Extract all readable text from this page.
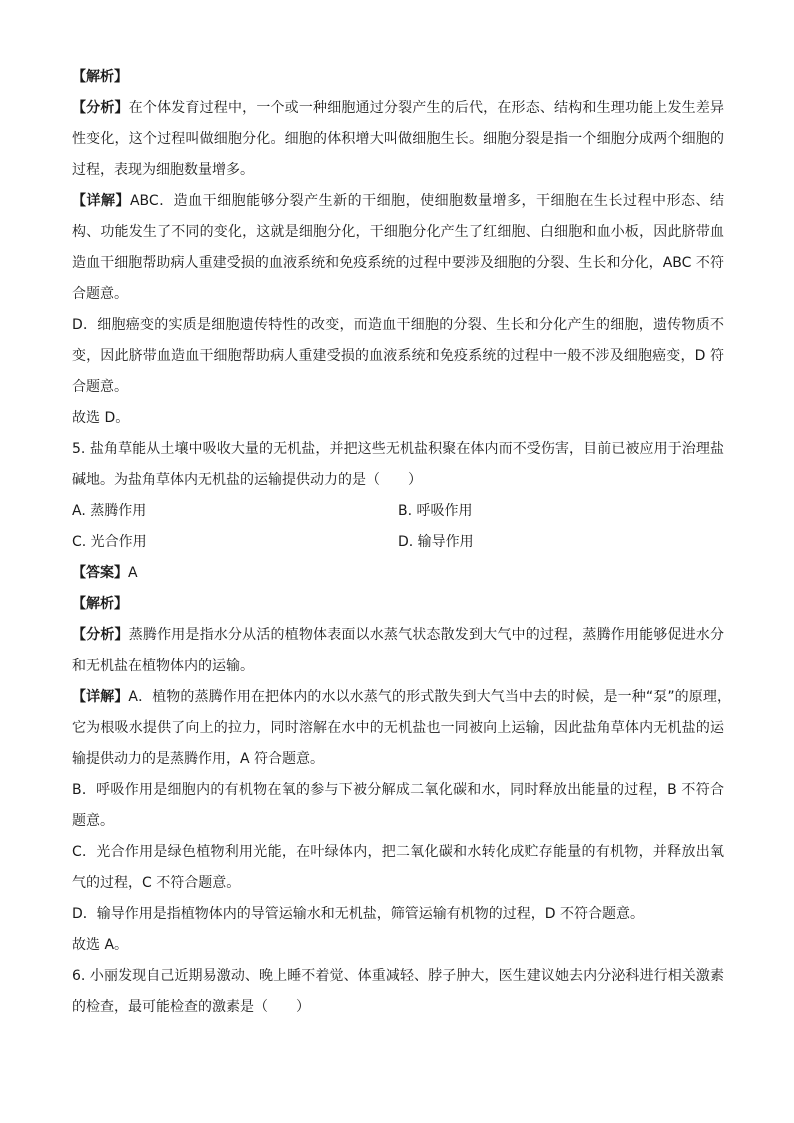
【解析】

【分析】在个体发育过程中，一个或一种细胞通过分裂产生的后代，在形态、结构和生理功能上发生差异性变化，这个过程叫做细胞分化。细胞的体积增大叫做细胞生长。细胞分裂是指一个细胞分成两个细胞的过程，表现为细胞数量增多。

【详解】ABC．造血干细胞能够分裂产生新的干细胞，使细胞数量增多，干细胞在生长过程中形态、结构、功能发生了不同的变化，这就是细胞分化，干细胞分化产生了红细胞、白细胞和血小板，因此脐带血造血干细胞帮助病人重建受损的血液系统和免疫系统的过程中要涉及细胞的分裂、生长和分化，ABC 不符合题意。

D．细胞癌变的实质是细胞遗传特性的改变，而造血干细胞的分裂、生长和分化产生的细胞，遗传物质不变，因此脐带血造血干细胞帮助病人重建受损的血液系统和免疫系统的过程中一般不涉及细胞癌变，D 符合题意。

故选 D。

5. 盐角草能从土壤中吸收大量的无机盐，并把这些无机盐积聚在体内而不受伤害，目前已被应用于治理盐碱地。为盐角草体内无机盐的运输提供动力的是（　　）

A. 蒸腾作用	B. 呼吸作用
C. 光合作用	D. 输导作用

【答案】A

【解析】

【分析】蒸腾作用是指水分从活的植物体表面以水蒸气状态散发到大气中的过程，蒸腾作用能够促进水分和无机盐在植物体内的运输。

【详解】A．植物的蒸腾作用在把体内的水以水蒸气的形式散失到大气当中去的时候，是一种“泵”的原理，　它为根吸水提供了向上的拉力，同时溶解在水中的无机盐也一同被向上运输，因此盐角草体内无机盐的运输提供动力的是蒸腾作用，A 符合题意。

B．呼吸作用是细胞内的有机物在氧的参与下被分解成二氧化碳和水，同时释放出能量的过程，B 不符合题意。

C．光合作用是绿色植物利用光能，在叶绿体内，把二氧化碳和水转化成贮存能量的有机物，并释放出氧气的过程，C 不符合题意。

D．输导作用是指植物体内的导管运输水和无机盐，筛管运输有机物的过程，D 不符合题意。

故选 A。

6. 小丽发现自己近期易激动、晚上睡不着觉、体重减轻、脖子肿大，医生建议她去内分泌科进行相关激素的检查，最可能检查的激素是（　　）
